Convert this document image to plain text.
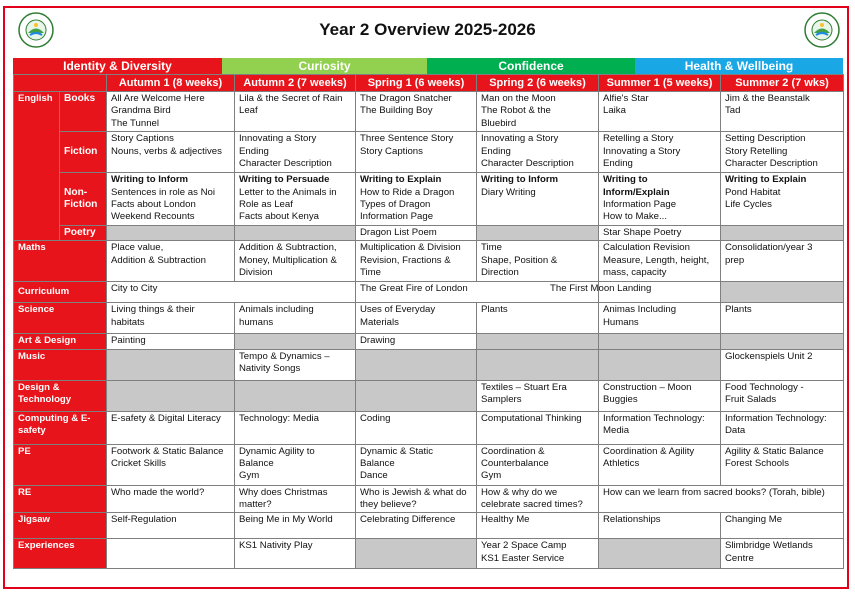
Year 2 Overview 2025-2026
Identity & Diversity	Curiosity	Confidence	Health & Wellbeing
		Autumn 1 (8 weeks)	Autumn 2 (7 weeks)	Spring 1 (6 weeks)	Spring 2 (6 weeks)	Summer 1 (5 weeks)	Summer 2 (7 wks)
English	Books	All Are Welcome Here
Grandma Bird
The Tunnel	Lila & the Secret of Rain
Leaf	The Dragon Snatcher
The Building Boy	Man on the Moon
The Robot & the
Bluebird	Alfie's Star
Laika	Jim & the Beanstalk
Tad

	Fiction	Story Captions
Nouns, verbs & adjectives	Innovating a Story
Ending
Character Description	Three Sentence Story
Story Captions	Innovating a Story
Ending
Character Description	Retelling a Story
Innovating a Story
Ending	Setting Description
Story Retelling
Character Description

	Non-Fiction	Writing to Inform
Sentences in role as Noi
Facts about London
Weekend Recounts	Writing to Persuade
Letter to the Animals in
Role as Leaf
Facts about Kenya	Writing to Explain
How to Ride a Dragon
Types of Dragon
Information Page	Writing to Inform
Diary Writing	Writing to Inform/Explain
Information Page
How to Make...	Writing to Explain
Pond Habitat
Life Cycles

	Poetry			Dragon List Poem		Star Shape Poetry	
Maths		Place value,
Addition & Subtraction	Addition & Subtraction,
Money, Multiplication &
Division	Multiplication & Division
Revision, Fractions &
Time	Time
Shape, Position &
Direction	Calculation Revision
Measure, Length, height,
mass, capacity	Consolidation/year 3
prep

Curriculum		City to City		The Great Fire of London		The First Moon Landing	
Science		Living things & their
habitats	Animals including
humans	Uses of Everyday
Materials	Plants	Animas Including
Humans	Plants

Art & Design		Painting		Drawing			
Music			Tempo & Dynamics –
Nativity Songs				Glockenspiels Unit 2
Design & Technology					Textiles – Stuart Era
Samplers	Construction – Moon
Buggies	Food Technology -
Fruit Salads

Computing & E-safety		E-safety & Digital Literacy	Technology: Media	Coding	Computational Thinking	Information Technology:
Media	Information Technology:
Data

PE		Footwork & Static Balance
Cricket Skills	Dynamic Agility to
Balance
Gym	Dynamic & Static
Balance
Dance	Coordination &
Counterbalance
Gym	Coordination & Agility
Athletics	Agility & Static Balance
Forest Schools

RE		Who made the world?	Why does Christmas
matter?	Who is Jewish & what do
they believe?	How & why do we
celebrate sacred times?	How can we learn from sacred books? (Torah, bible)	

Jigsaw		Self-Regulation	Being Me in My World	Celebrating Difference	Healthy Me	Relationships	Changing Me
Experiences			KS1 Nativity Play		Year 2 Space Camp
KS1 Easter Service		Slimbridge Wetlands
Centre
